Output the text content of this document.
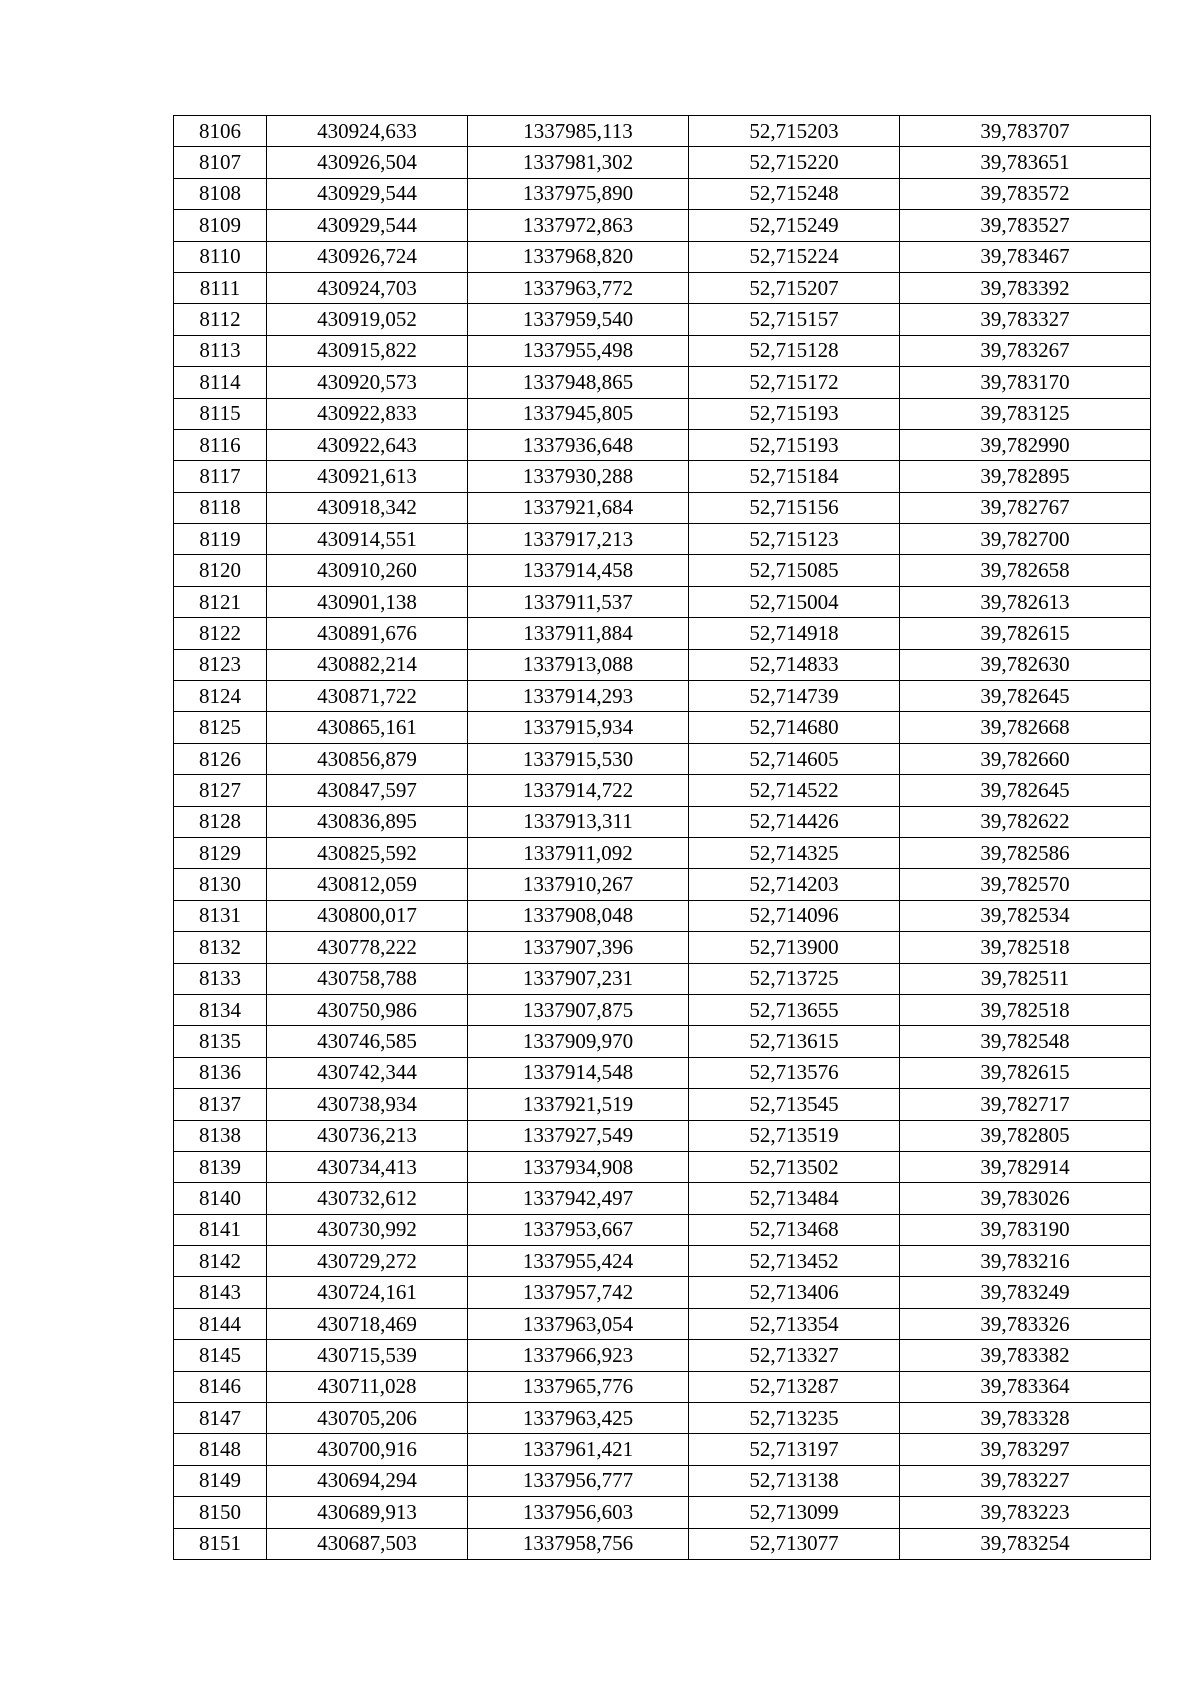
8106	430924,633	1337985,113	52,715203	39,783707
8107	430926,504	1337981,302	52,715220	39,783651
8108	430929,544	1337975,890	52,715248	39,783572
8109	430929,544	1337972,863	52,715249	39,783527
8110	430926,724	1337968,820	52,715224	39,783467
8111	430924,703	1337963,772	52,715207	39,783392
8112	430919,052	1337959,540	52,715157	39,783327
8113	430915,822	1337955,498	52,715128	39,783267
8114	430920,573	1337948,865	52,715172	39,783170
8115	430922,833	1337945,805	52,715193	39,783125
8116	430922,643	1337936,648	52,715193	39,782990
8117	430921,613	1337930,288	52,715184	39,782895
8118	430918,342	1337921,684	52,715156	39,782767
8119	430914,551	1337917,213	52,715123	39,782700
8120	430910,260	1337914,458	52,715085	39,782658
8121	430901,138	1337911,537	52,715004	39,782613
8122	430891,676	1337911,884	52,714918	39,782615
8123	430882,214	1337913,088	52,714833	39,782630
8124	430871,722	1337914,293	52,714739	39,782645
8125	430865,161	1337915,934	52,714680	39,782668
8126	430856,879	1337915,530	52,714605	39,782660
8127	430847,597	1337914,722	52,714522	39,782645
8128	430836,895	1337913,311	52,714426	39,782622
8129	430825,592	1337911,092	52,714325	39,782586
8130	430812,059	1337910,267	52,714203	39,782570
8131	430800,017	1337908,048	52,714096	39,782534
8132	430778,222	1337907,396	52,713900	39,782518
8133	430758,788	1337907,231	52,713725	39,782511
8134	430750,986	1337907,875	52,713655	39,782518
8135	430746,585	1337909,970	52,713615	39,782548
8136	430742,344	1337914,548	52,713576	39,782615
8137	430738,934	1337921,519	52,713545	39,782717
8138	430736,213	1337927,549	52,713519	39,782805
8139	430734,413	1337934,908	52,713502	39,782914
8140	430732,612	1337942,497	52,713484	39,783026
8141	430730,992	1337953,667	52,713468	39,783190
8142	430729,272	1337955,424	52,713452	39,783216
8143	430724,161	1337957,742	52,713406	39,783249
8144	430718,469	1337963,054	52,713354	39,783326
8145	430715,539	1337966,923	52,713327	39,783382
8146	430711,028	1337965,776	52,713287	39,783364
8147	430705,206	1337963,425	52,713235	39,783328
8148	430700,916	1337961,421	52,713197	39,783297
8149	430694,294	1337956,777	52,713138	39,783227
8150	430689,913	1337956,603	52,713099	39,783223
8151	430687,503	1337958,756	52,713077	39,783254
